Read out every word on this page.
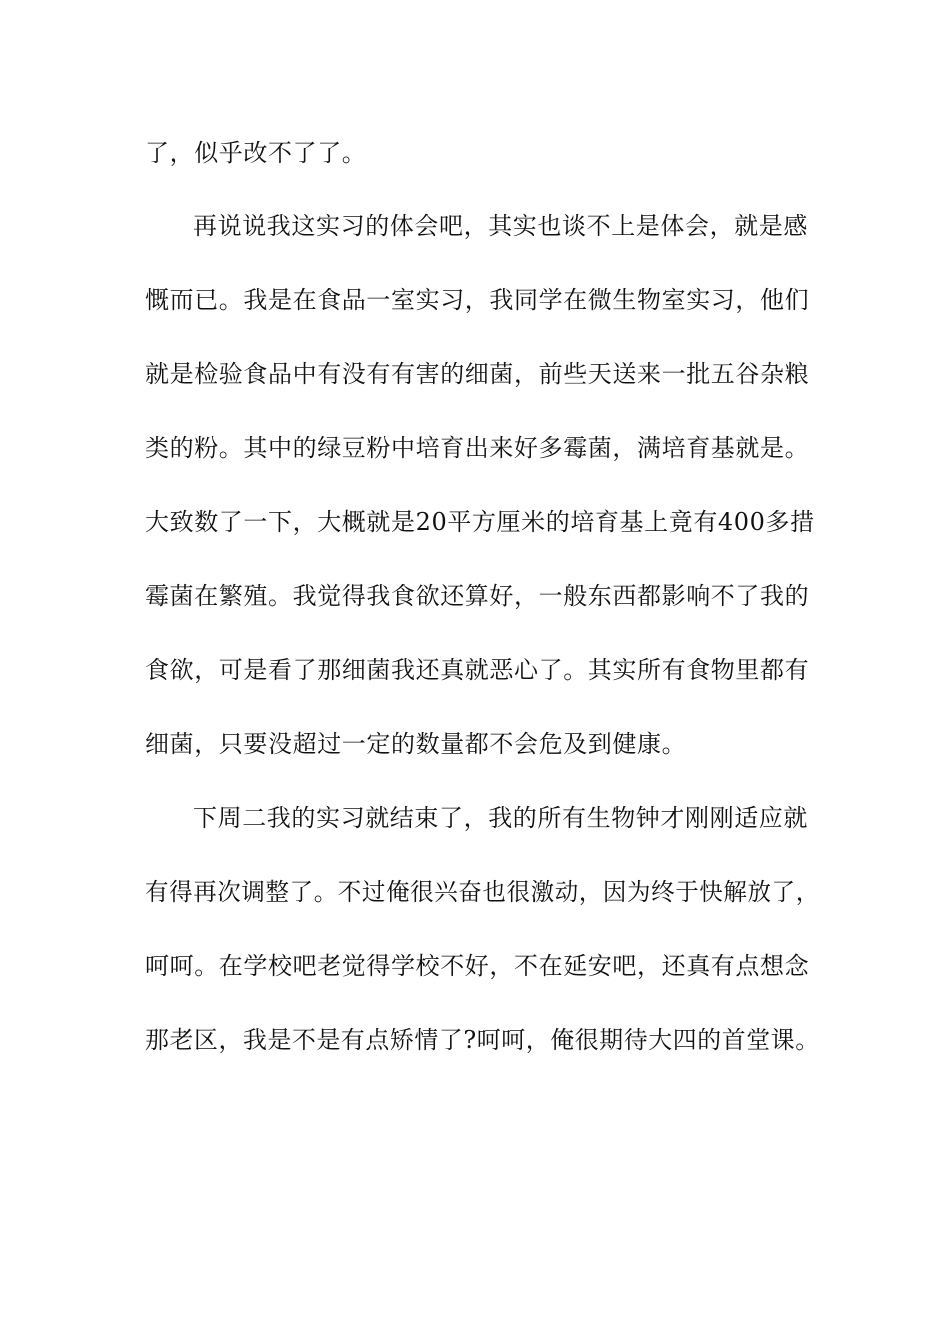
了，似乎改不了了。
再说说我这实习的体会吧，其实也谈不上是体会，就是感
慨而已。我是在食品一室实习，我同学在微生物室实习，他们
就是检验食品中有没有有害的细菌，前些天送来一批五谷杂粮
类的粉。其中的绿豆粉中培育出来好多霉菌，满培育基就是。
大致数了一下，大概就是20平方厘米的培育基上竟有400多措
霉菌在繁殖。我觉得我食欲还算好，一般东西都影响不了我的
食欲，可是看了那细菌我还真就恶心了。其实所有食物里都有
细菌，只要没超过一定的数量都不会危及到健康。
下周二我的实习就结束了，我的所有生物钟才刚刚适应就
有得再次调整了。不过俺很兴奋也很激动，因为终于快解放了，
呵呵。在学校吧老觉得学校不好，不在延安吧，还真有点想念
那老区，我是不是有点矫情了?呵呵，俺很期待大四的首堂课。
